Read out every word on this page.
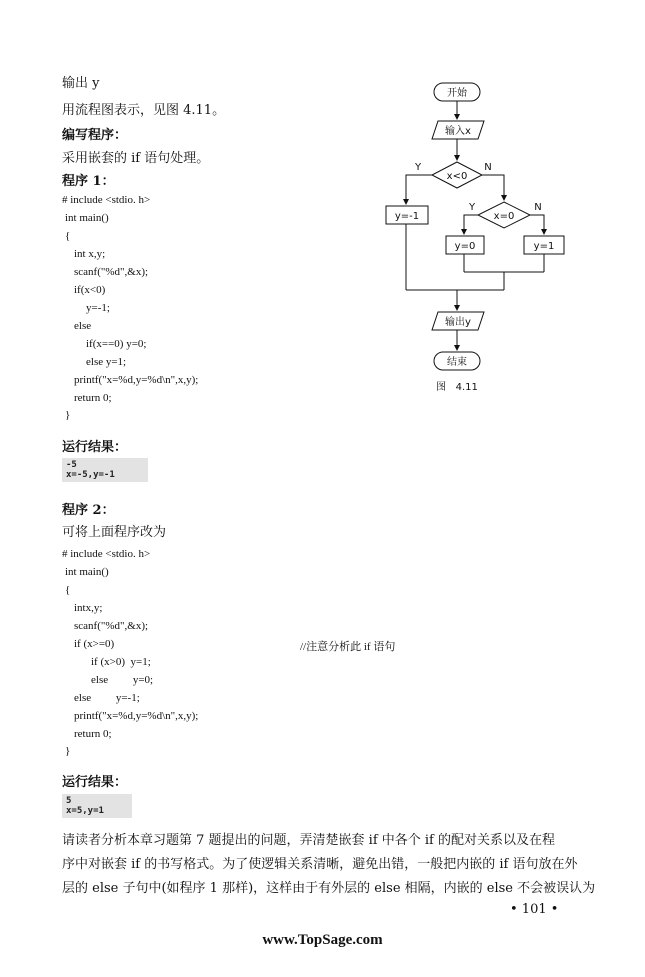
输出 y
用流程图表示，见图 4.11。
编写程序：
采用嵌套的 if 语句处理。
程序 1：
# include <stdio. h>
int main()
{
int x,y;
scanf("%d",&x);
if(x<0)
y=-1;
else
if(x==0) y=0;
else y=1;
printf("x=%d,y=%d\n",x,y);
return 0;
}
运行结果：
-5
x=-5,y=-1
程序 2：
可将上面程序改为
# include <stdio. h>
int main()
{
intx,y;
scanf("%d",&x);
if (x>=0)
if (x>0)  y=1;
else         y=0;
else         y=-1;
printf("x=%d,y=%d\n",x,y);
return 0;
}
//注意分析此 if 语句
运行结果：
5
x=5,y=1
请读者分析本章习题第 7 题提出的问题，弄清楚嵌套 if 中各个 if 的配对关系以及在程
序中对嵌套 if 的书写格式。为了使逻辑关系清晰，避免出错，一般把内嵌的 if 语句放在外
层的 else 子句中(如程序 1 那样)，这样由于有外层的 else 相隔，内嵌的 else 不会被误认为
• 101 •
www.TopSage.com
开始
输入x
x<0
Y	N
y=-1	x=0
Y	N
y=0	y=1
输出y
结束
图   4.11
